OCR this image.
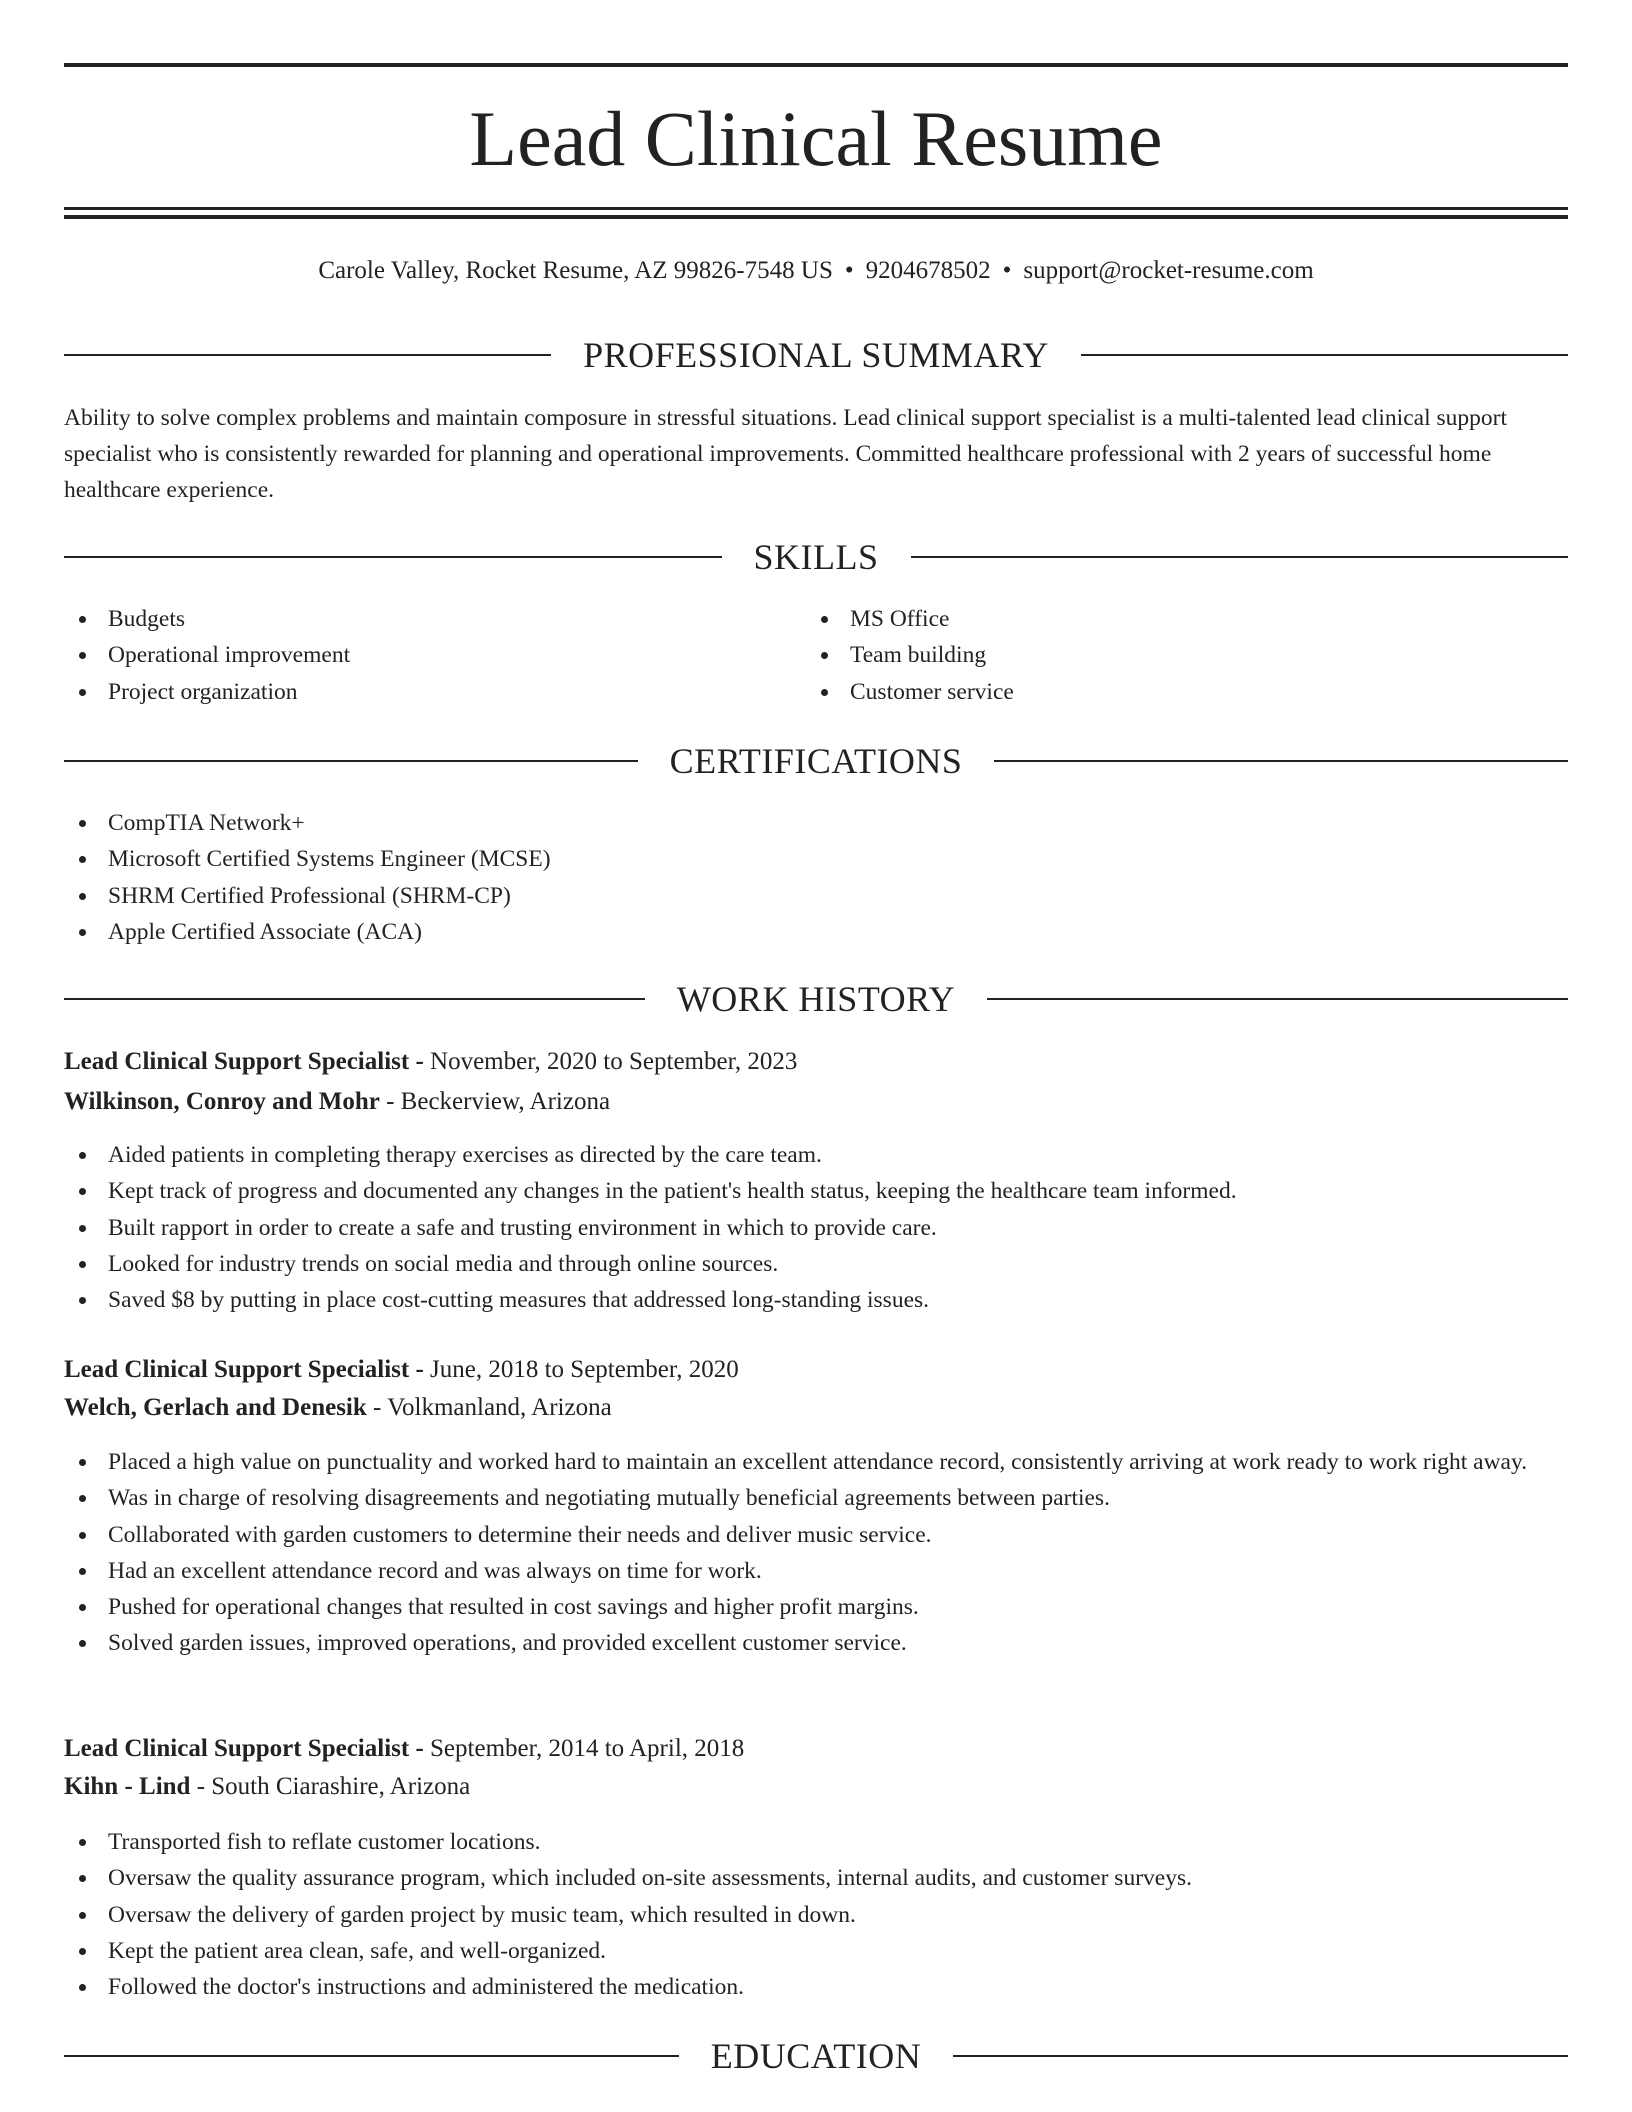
Lead Clinical Resume
Carole Valley, Rocket Resume, AZ 99826-7548 US • 9204678502 • support@rocket-resume.com
PROFESSIONAL SUMMARY

Ability to solve complex problems and maintain composure in stressful situations. Lead clinical support specialist is a multi-talented lead clinical support specialist who is consistently rewarded for planning and operational improvements. Committed healthcare professional with 2 years of successful home healthcare experience.

SKILLS
Budgets
Operational improvement
Project organization
MS Office
Team building
Customer service
CERTIFICATIONS
CompTIA Network+
Microsoft Certified Systems Engineer (MCSE)
SHRM Certified Professional (SHRM-CP)
Apple Certified Associate (ACA)
WORK HISTORY
Lead Clinical Support Specialist - November, 2020 to September, 2023
Wilkinson, Conroy and Mohr - Beckerview, Arizona
Aided patients in completing therapy exercises as directed by the care team.
Kept track of progress and documented any changes in the patient's health status, keeping the healthcare team informed.
Built rapport in order to create a safe and trusting environment in which to provide care.
Looked for industry trends on social media and through online sources.
Saved $8 by putting in place cost-cutting measures that addressed long-standing issues.
Lead Clinical Support Specialist - June, 2018 to September, 2020
Welch, Gerlach and Denesik - Volkmanland, Arizona
Placed a high value on punctuality and worked hard to maintain an excellent attendance record, consistently arriving at work ready to work right away.
Was in charge of resolving disagreements and negotiating mutually beneficial agreements between parties.
Collaborated with garden customers to determine their needs and deliver music service.
Had an excellent attendance record and was always on time for work.
Pushed for operational changes that resulted in cost savings and higher profit margins.
Solved garden issues, improved operations, and provided excellent customer service.
Lead Clinical Support Specialist - September, 2014 to April, 2018
Kihn - Lind - South Ciarashire, Arizona
Transported fish to reflate customer locations.
Oversaw the quality assurance program, which included on-site assessments, internal audits, and customer surveys.
Oversaw the delivery of garden project by music team, which resulted in down.
Kept the patient area clean, safe, and well-organized.
Followed the doctor's instructions and administered the medication.
EDUCATION
